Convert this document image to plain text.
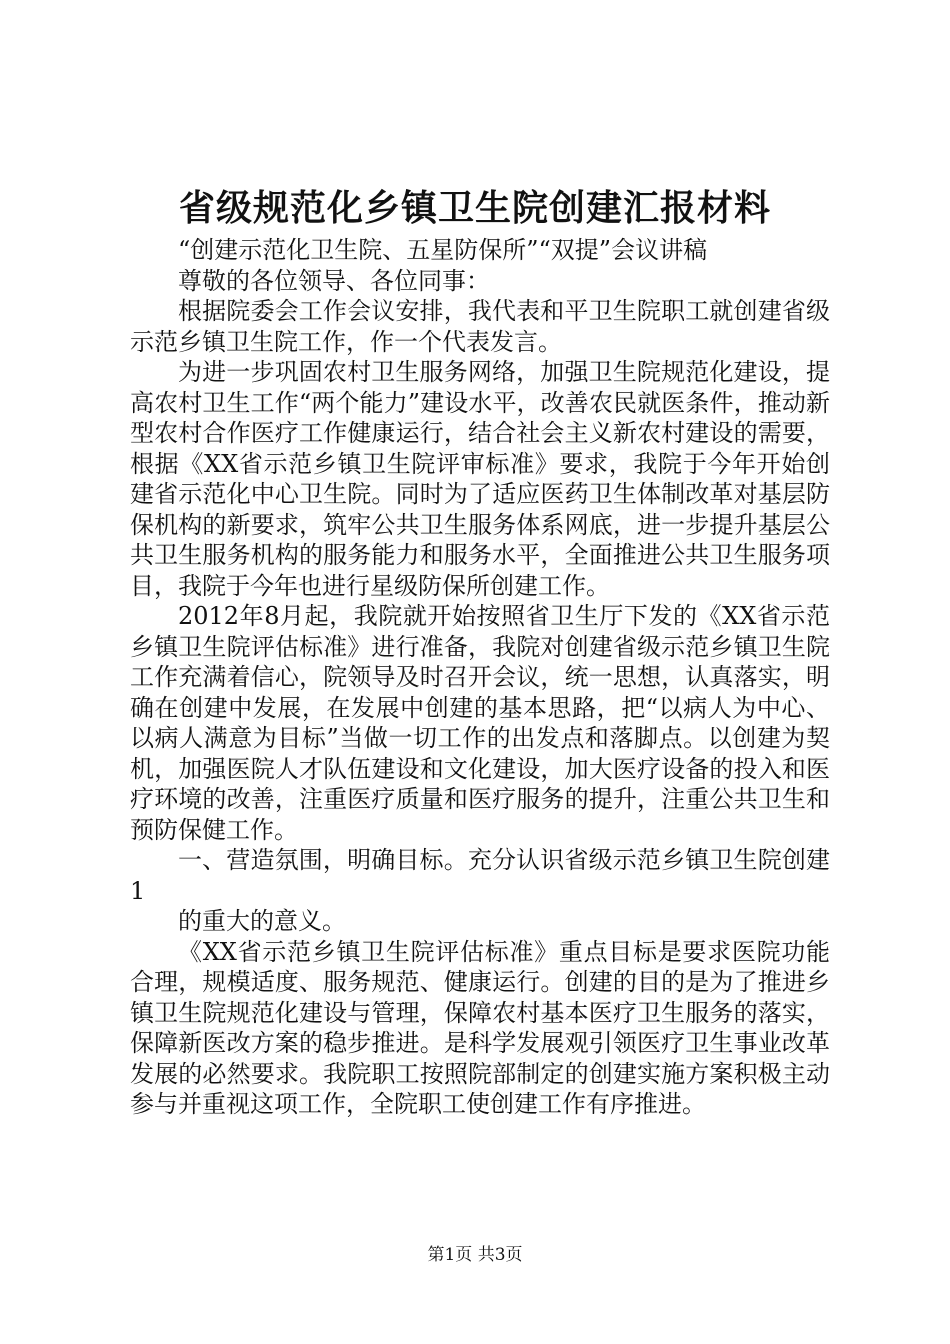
省级规范化乡镇卫生院创建汇报材料

“创建示范化卫生院、五星防保所”“双提”会议讲稿

尊敬的各位领导、各位同事：

根据院委会工作会议安排，我代表和平卫生院职工就创建省级示范乡镇卫生院工作，作一个代表发言。

为进一步巩固农村卫生服务网络，加强卫生院规范化建设，提高农村卫生工作“两个能力”建设水平，改善农民就医条件，推动新型农村合作医疗工作健康运行，结合社会主义新农村建设的需要，根据《XX省示范乡镇卫生院评审标准》要求，我院于今年开始创建省示范化中心卫生院。同时为了适应医药卫生体制改革对基层防保机构的新要求，筑牢公共卫生服务体系网底，进一步提升基层公共卫生服务机构的服务能力和服务水平，全面推进公共卫生服务项目，我院于今年也进行星级防保所创建工作。

2012年8月起，我院就开始按照省卫生厅下发的《XX省示范乡镇卫生院评估标准》进行准备，我院对创建省级示范乡镇卫生院工作充满着信心，院领导及时召开会议，统一思想，认真落实，明确在创建中发展，在发展中创建的基本思路，把“以病人为中心、以病人满意为目标”当做一切工作的出发点和落脚点。以创建为契机，加强医院人才队伍建设和文化建设，加大医疗设备的投入和医疗环境的改善，注重医疗质量和医疗服务的提升，注重公共卫生和预防保健工作。

一、营造氛围，明确目标。充分认识省级示范乡镇卫生院创建1

的重大的意义。

《XX省示范乡镇卫生院评估标准》重点目标是要求医院功能合理，规模适度、服务规范、健康运行。创建的目的是为了推进乡镇卫生院规范化建设与管理，保障农村基本医疗卫生服务的落实，保障新医改方案的稳步推进。是科学发展观引领医疗卫生事业改革发展的必然要求。我院职工按照院部制定的创建实施方案积极主动参与并重视这项工作，全院职工使创建工作有序推进。

第1页 共3页
